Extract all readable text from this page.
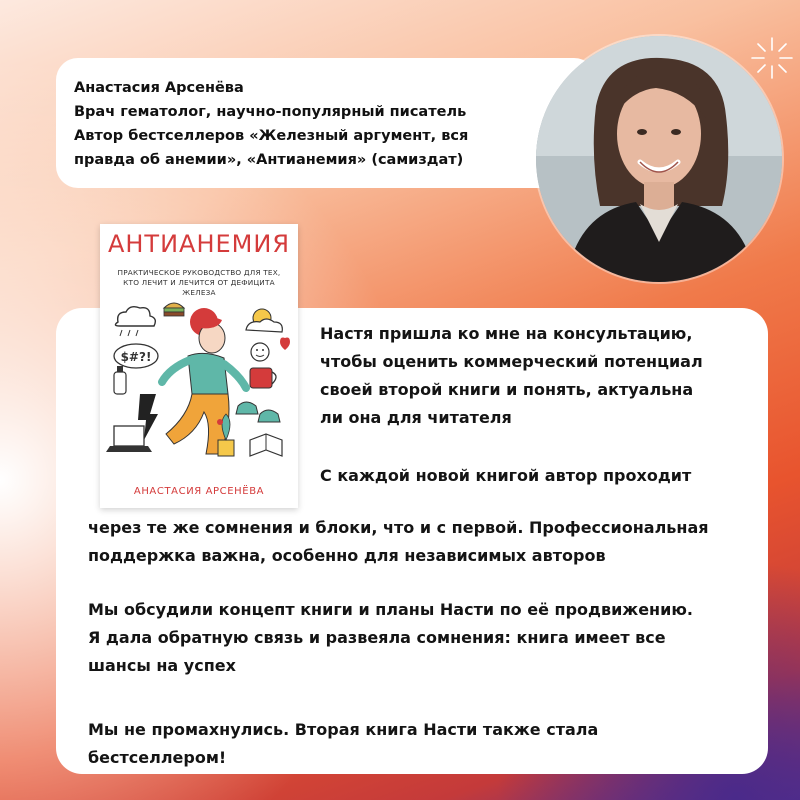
Анастасия Арсенёва
Врач гематолог, научно-популярный писатель
Автор бестселлеров «Железный аргумент, вся
правда об анемии», «Антианемия» (самиздат)
АНТИАНЕМИЯ
ПРАКТИЧЕСКОЕ РУКОВОДСТВО ДЛЯ ТЕХ,
КТО ЛЕЧИТ И ЛЕЧИТСЯ ОТ ДЕФИЦИТА ЖЕЛЕЗА
$#?!
АНАСТАСИЯ АРСЕНЁВА
Настя пришла ко мне на консультацию,
чтобы оценить коммерческий потенциал
своей второй книги и понять, актуальна
ли она для читателя
С каждой новой книгой автор проходит
через те же сомнения и блоки, что и с первой. Профессиональная
поддержка важна, особенно для независимых авторов
Мы обсудили концепт книги и планы Насти по её продвижению.
Я дала обратную связь и развеяла сомнения: книга имеет все
шансы на успех
Мы не промахнулись. Вторая книга Насти также стала
бестселлером!
